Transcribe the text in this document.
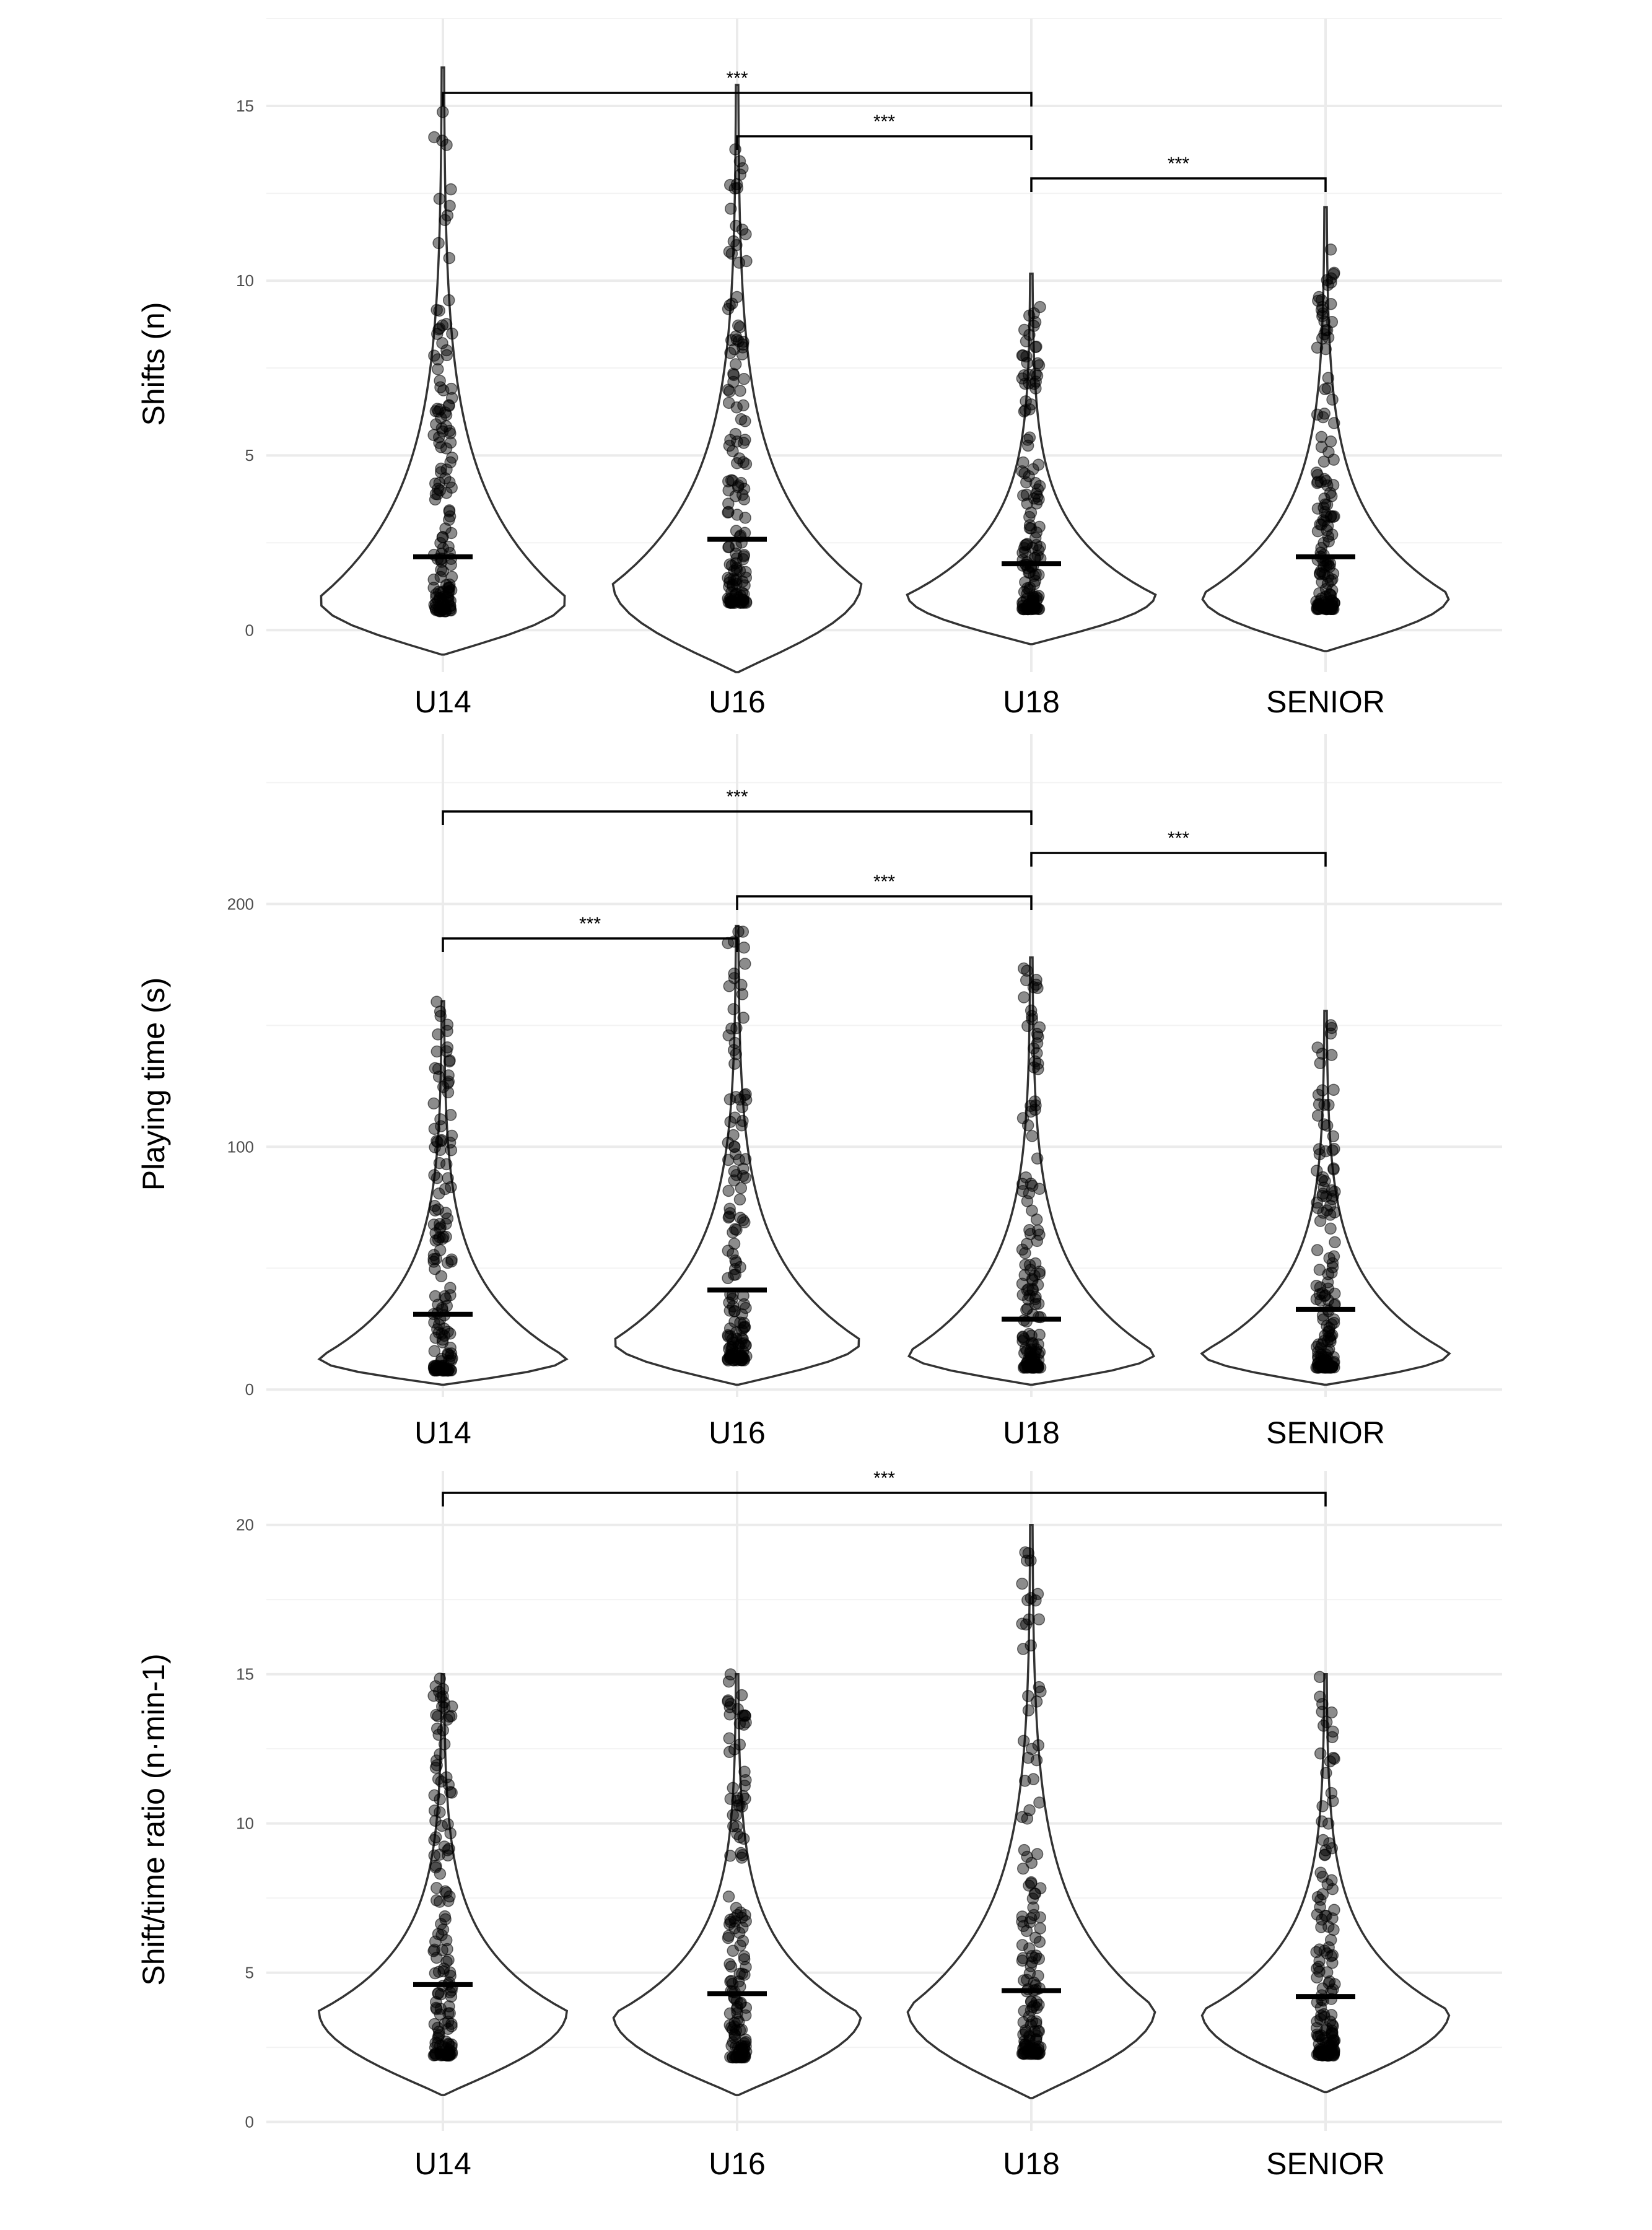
0
5
10
15
Shifts (n)
U14	U16	U18	SENIOR
***
***
***
0
100
200
Playing time (s)
U14	U16	U18	SENIOR
***
***
***
***
0
5
10
15
20
Shift/time ratio (n·min-1)
U14	U16	U18	SENIOR
***
